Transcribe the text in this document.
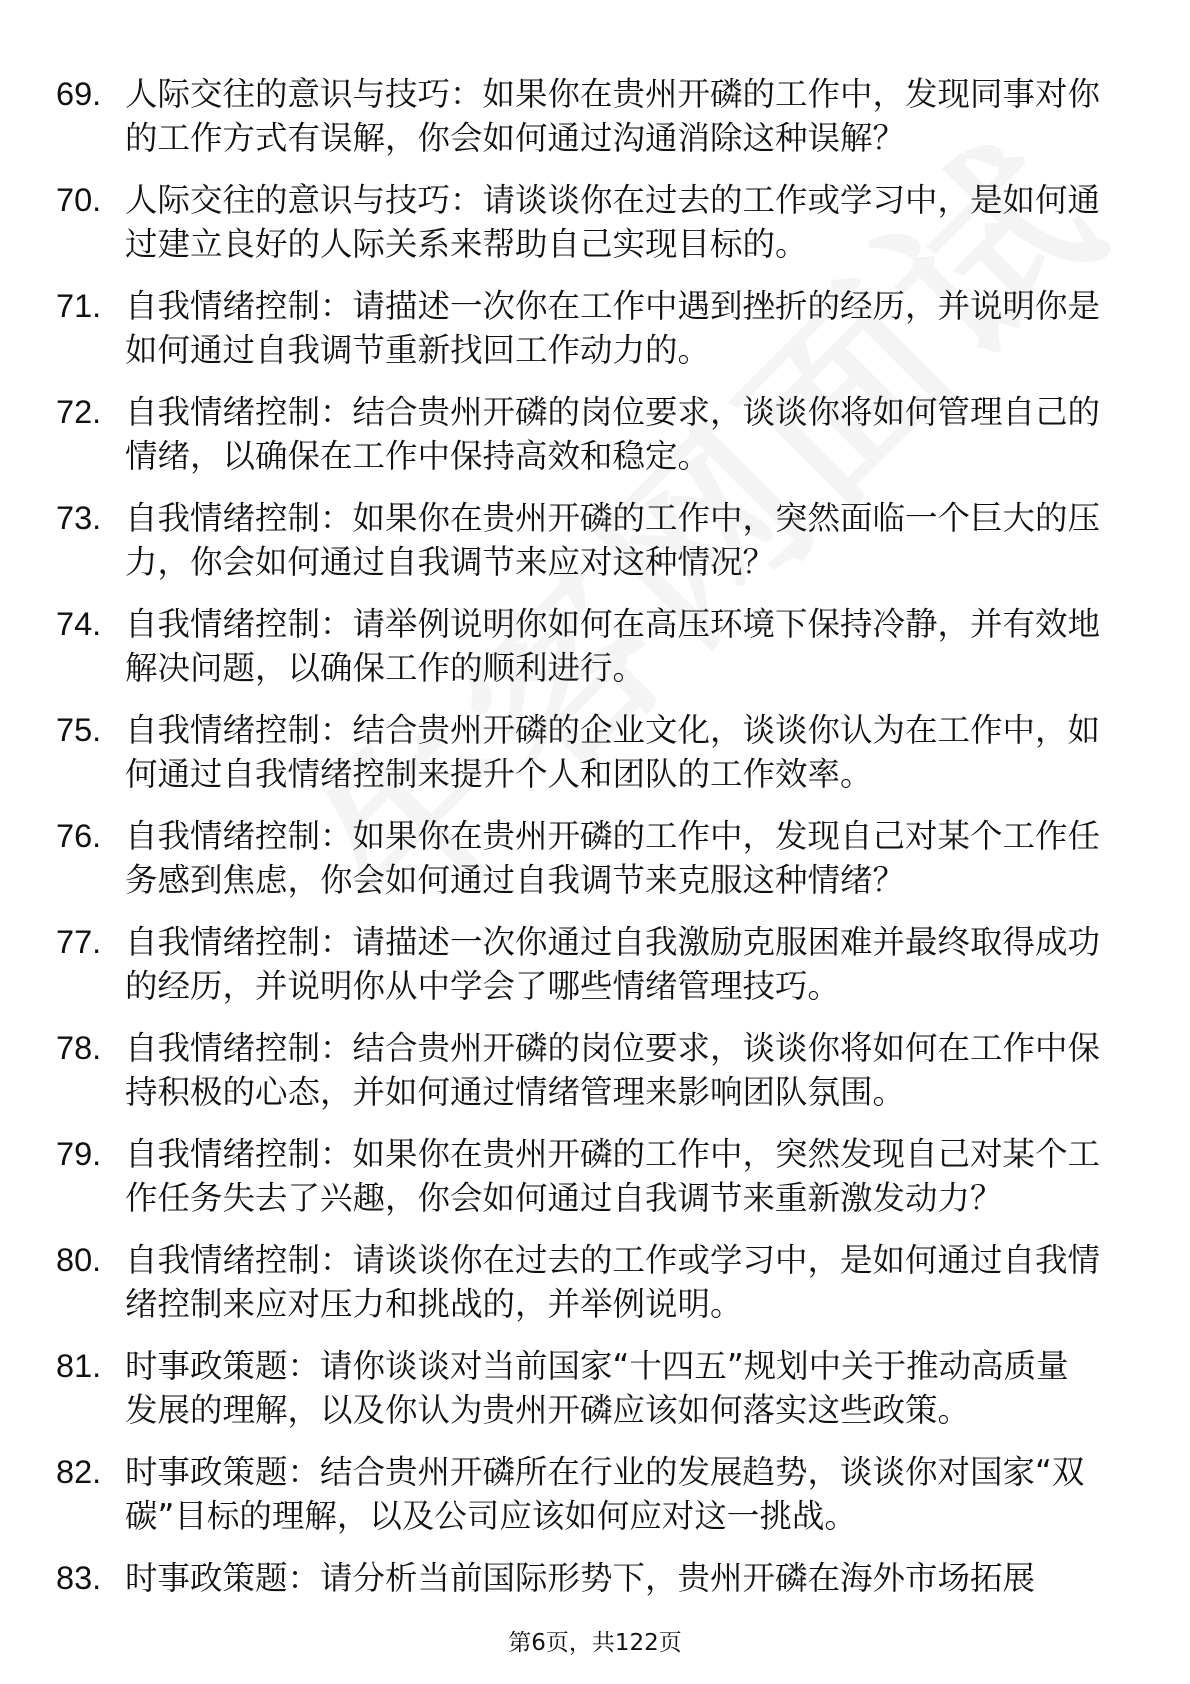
69. 人际交往的意识与技巧：如果你在贵州开磷的工作中，发现同事对你的工作方式有误解，你会如何通过沟通消除这种误解？
70. 人际交往的意识与技巧：请谈谈你在过去的工作或学习中，是如何通过建立良好的人际关系来帮助自己实现目标的。
71. 自我情绪控制：请描述一次你在工作中遇到挫折的经历，并说明你是如何通过自我调节重新找回工作动力的。
72. 自我情绪控制：结合贵州开磷的岗位要求，谈谈你将如何管理自己的情绪，以确保在工作中保持高效和稳定。
73. 自我情绪控制：如果你在贵州开磷的工作中，突然面临一个巨大的压力，你会如何通过自我调节来应对这种情况？
74. 自我情绪控制：请举例说明你如何在高压环境下保持冷静，并有效地解决问题，以确保工作的顺利进行。
75. 自我情绪控制：结合贵州开磷的企业文化，谈谈你认为在工作中，如何通过自我情绪控制来提升个人和团队的工作效率。
76. 自我情绪控制：如果你在贵州开磷的工作中，发现自己对某个工作任务感到焦虑，你会如何通过自我调节来克服这种情绪？
77. 自我情绪控制：请描述一次你通过自我激励克服困难并最终取得成功的经历，并说明你从中学会了哪些情绪管理技巧。
78. 自我情绪控制：结合贵州开磷的岗位要求，谈谈你将如何在工作中保持积极的心态，并如何通过情绪管理来影响团队氛围。
79. 自我情绪控制：如果你在贵州开磷的工作中，突然发现自己对某个工作任务失去了兴趣，你会如何通过自我调节来重新激发动力？
80. 自我情绪控制：请谈谈你在过去的工作或学习中，是如何通过自我情绪控制来应对压力和挑战的，并举例说明。
81. 时事政策题：请你谈谈对当前国家“十四五”规划中关于推动高质量发展的理解，以及你认为贵州开磷应该如何落实这些政策。
82. 时事政策题：结合贵州开磷所在行业的发展趋势，谈谈你对国家“双碳”目标的理解，以及公司应该如何应对这一挑战。
83. 时事政策题：请分析当前国际形势下，贵州开磷在海外市场拓展
第6页，共122页
